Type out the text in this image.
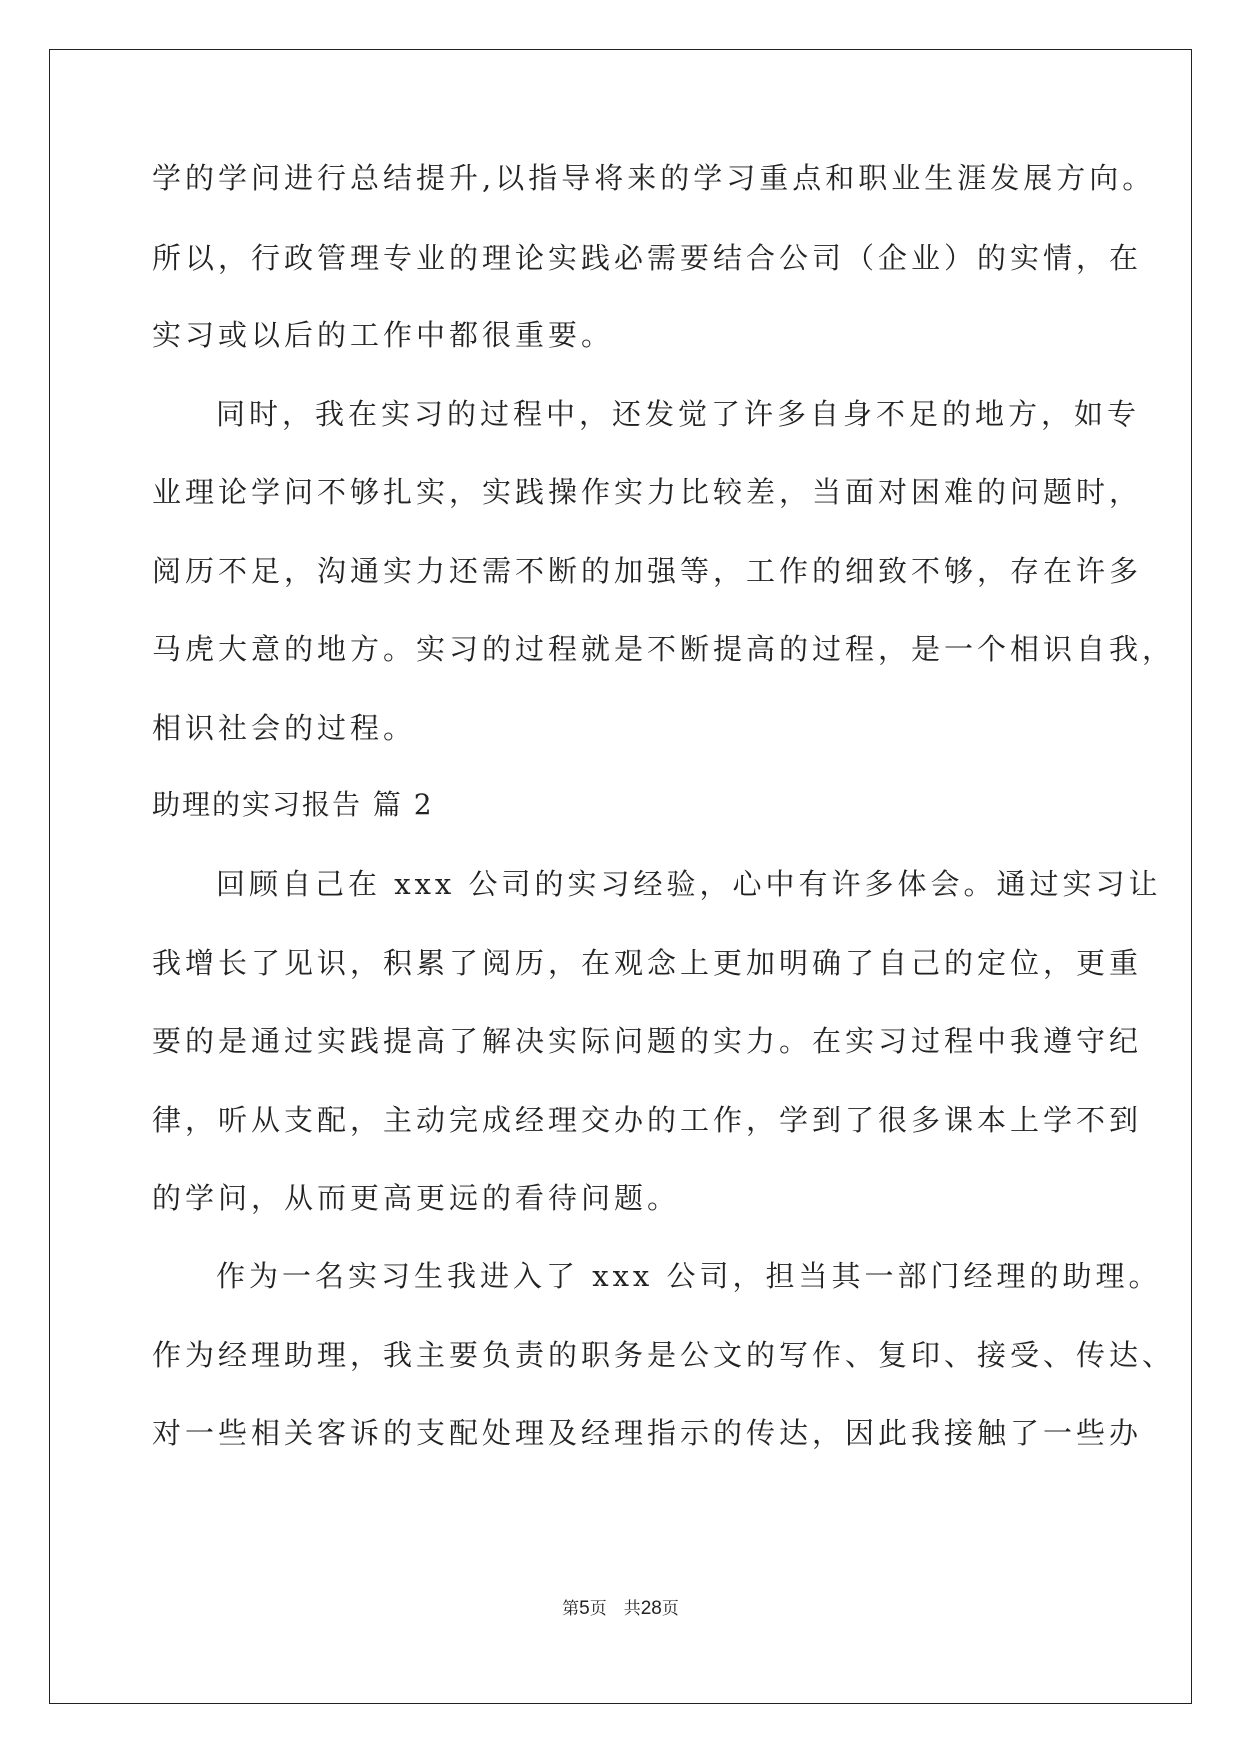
学的学问进行总结提升,以指导将来的学习重点和职业生涯发展方向。
所以，行政管理专业的理论实践必需要结合公司（企业）的实情，在
实习或以后的工作中都很重要。
同时，我在实习的过程中，还发觉了许多自身不足的地方，如专
业理论学问不够扎实，实践操作实力比较差，当面对困难的问题时，
阅历不足，沟通实力还需不断的加强等，工作的细致不够，存在许多
马虎大意的地方。实习的过程就是不断提高的过程，是一个相识自我，
相识社会的过程。
助理的实习报告 篇 2
回顾自己在 xxx 公司的实习经验，心中有许多体会。通过实习让
我增长了见识，积累了阅历，在观念上更加明确了自己的定位，更重
要的是通过实践提高了解决实际问题的实力。在实习过程中我遵守纪
律，听从支配，主动完成经理交办的工作，学到了很多课本上学不到
的学问，从而更高更远的看待问题。
作为一名实习生我进入了 xxx 公司，担当其一部门经理的助理。
作为经理助理，我主要负责的职务是公文的写作、复印、接受、传达、
对一些相关客诉的支配处理及经理指示的传达，因此我接触了一些办
第5页　共28页
